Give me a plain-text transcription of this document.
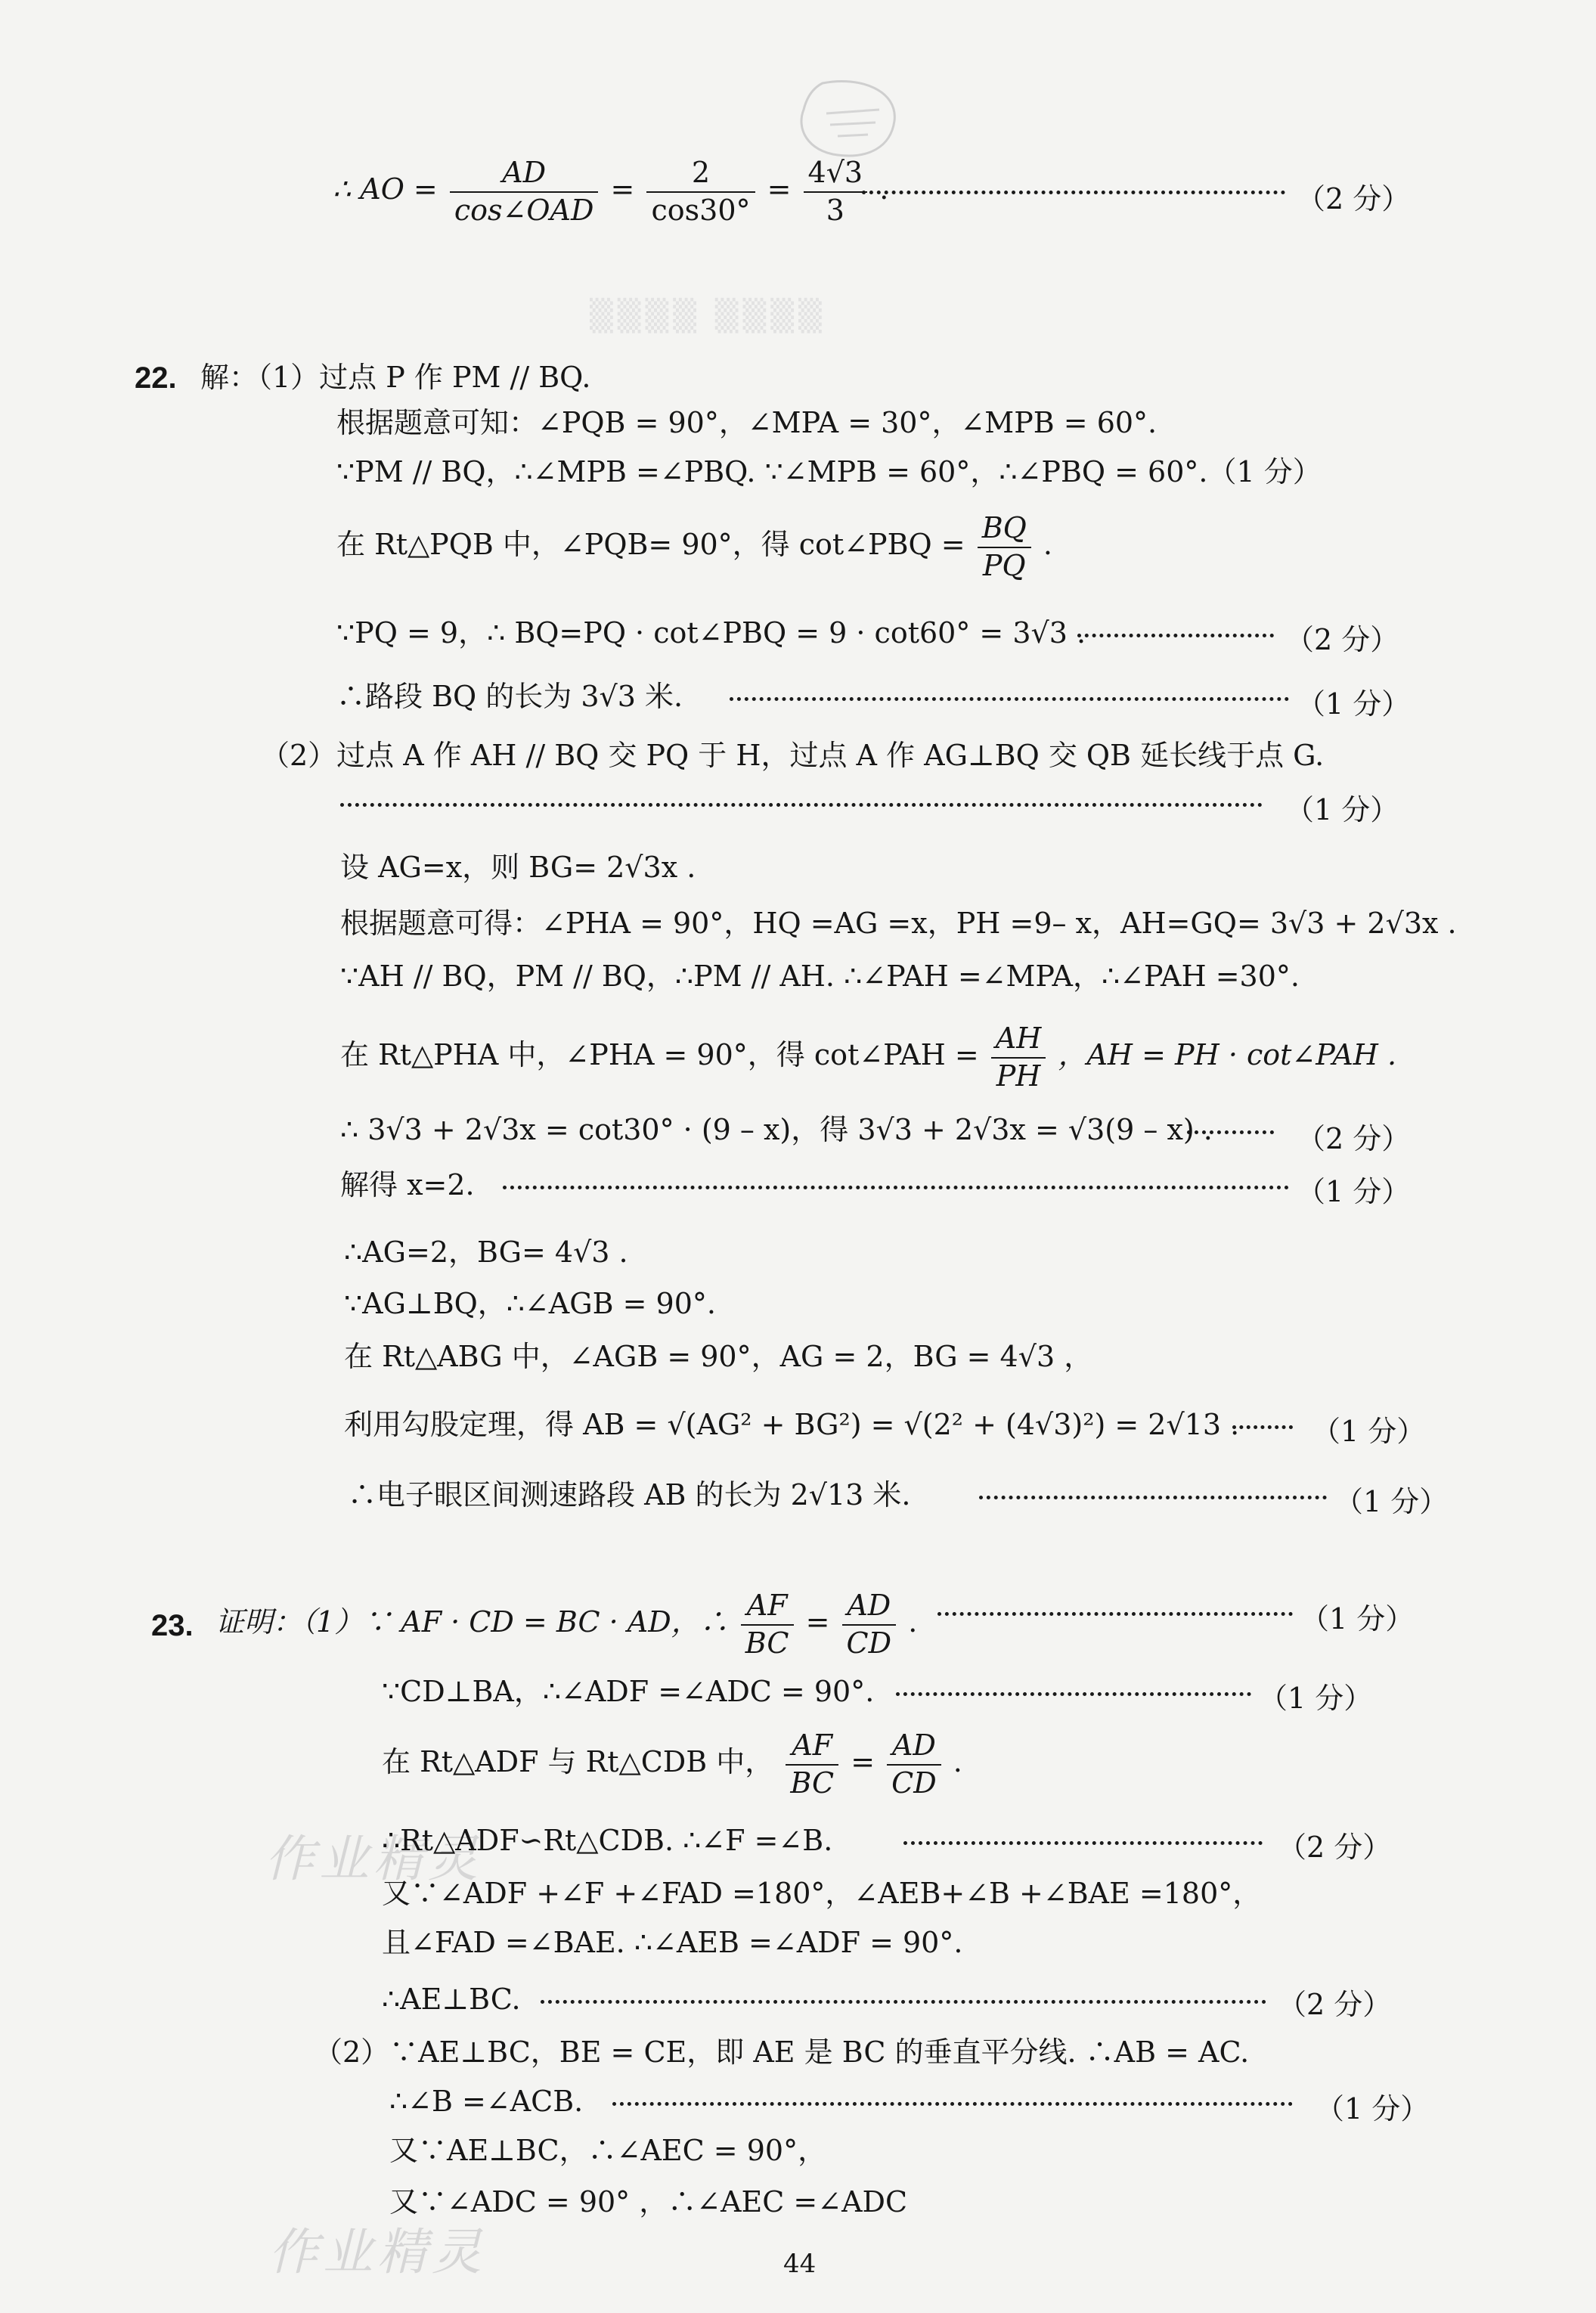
∴ AO = $\frac{AD}{\text{cos∠OAD}} = \frac{2}{\cos 30^\circ} = \frac{4√3}{3}$ .	（2 分）
▒▒▒▒ ▒▒▒▒
22. 解：（1）过点 P 作 PM // BQ.
根据题意可知：∠PQB = 90°，∠MPA = 30°，∠MPB = 60°.
∵PM // BQ，∴∠MPB =∠PBQ. ∵∠MPB = 60°，∴∠PBQ = 60°.（1 分）
在 Rt△PQB 中，∠PQB= 90°，得 cot∠PBQ = $\frac{BQ}{PQ}$ .
∵PQ = 9，∴ BQ=PQ · cot∠PBQ = 9 · cot60° = 3√3 .	（2 分）
∴路段 BQ 的长为 3√3 米.	（1 分）
（2）过点 A 作 AH // BQ 交 PQ 于 H，过点 A 作 AG⊥BQ 交 QB 延长线于点 G.
（1 分）
设 AG=x，则 BG= 2√3x .
根据题意可得：∠PHA = 90°，HQ =AG =x，PH =9– x，AH=GQ= 3√3 + 2√3x .
∵AH // BQ，PM // BQ，∴PM // AH. ∴∠PAH =∠MPA，∴∠PAH =30°.
在 Rt△PHA 中，∠PHA = 90°，得 cot∠PAH = $\frac{AH}{PH}$ ，AH = PH · cot∠PAH .
∴ 3√3 + 2√3x = cot30° · (9 – x)，得 3√3 + 2√3x = √3(9 – x) .	（2 分）
解得 x=2.	（1 分）
∴AG=2，BG= 4√3 .
∵AG⊥BQ，∴∠AGB = 90°.
在 Rt△ABG 中，∠AGB = 90°，AG = 2，BG = 4√3 ，
利用勾股定理，得 AB = √(AG² + BG²) = √(2² + (4√3)²) = 2√13 .	（1 分）
∴电子眼区间测速路段 AB 的长为 2√13 米.	（1 分）
23. 证明：（1）∵ AF · CD = BC · AD，∴ $\frac{AF}{BC} = \frac{AD}{CD}$ .	（1 分）
∵CD⊥BA，∴∠ADF =∠ADC = 90°.	（1 分）
在 Rt△ADF 与 Rt△CDB 中， $\frac{AF}{BC} = \frac{AD}{CD}$ .
作业精灵
∴Rt△ADF∽Rt△CDB. ∴∠F =∠B.	（2 分）
又∵∠ADF +∠F +∠FAD =180°，∠AEB+∠B +∠BAE =180°，
且∠FAD =∠BAE. ∴∠AEB =∠ADF = 90°.
∴AE⊥BC.	（2 分）
（2）∵AE⊥BC，BE = CE，即 AE 是 BC 的垂直平分线. ∴AB = AC.
∴∠B =∠ACB.	（1 分）
又∵AE⊥BC，∴∠AEC = 90°，
作业精灵
又∵∠ADC = 90° ，∴∠AEC =∠ADC
44
